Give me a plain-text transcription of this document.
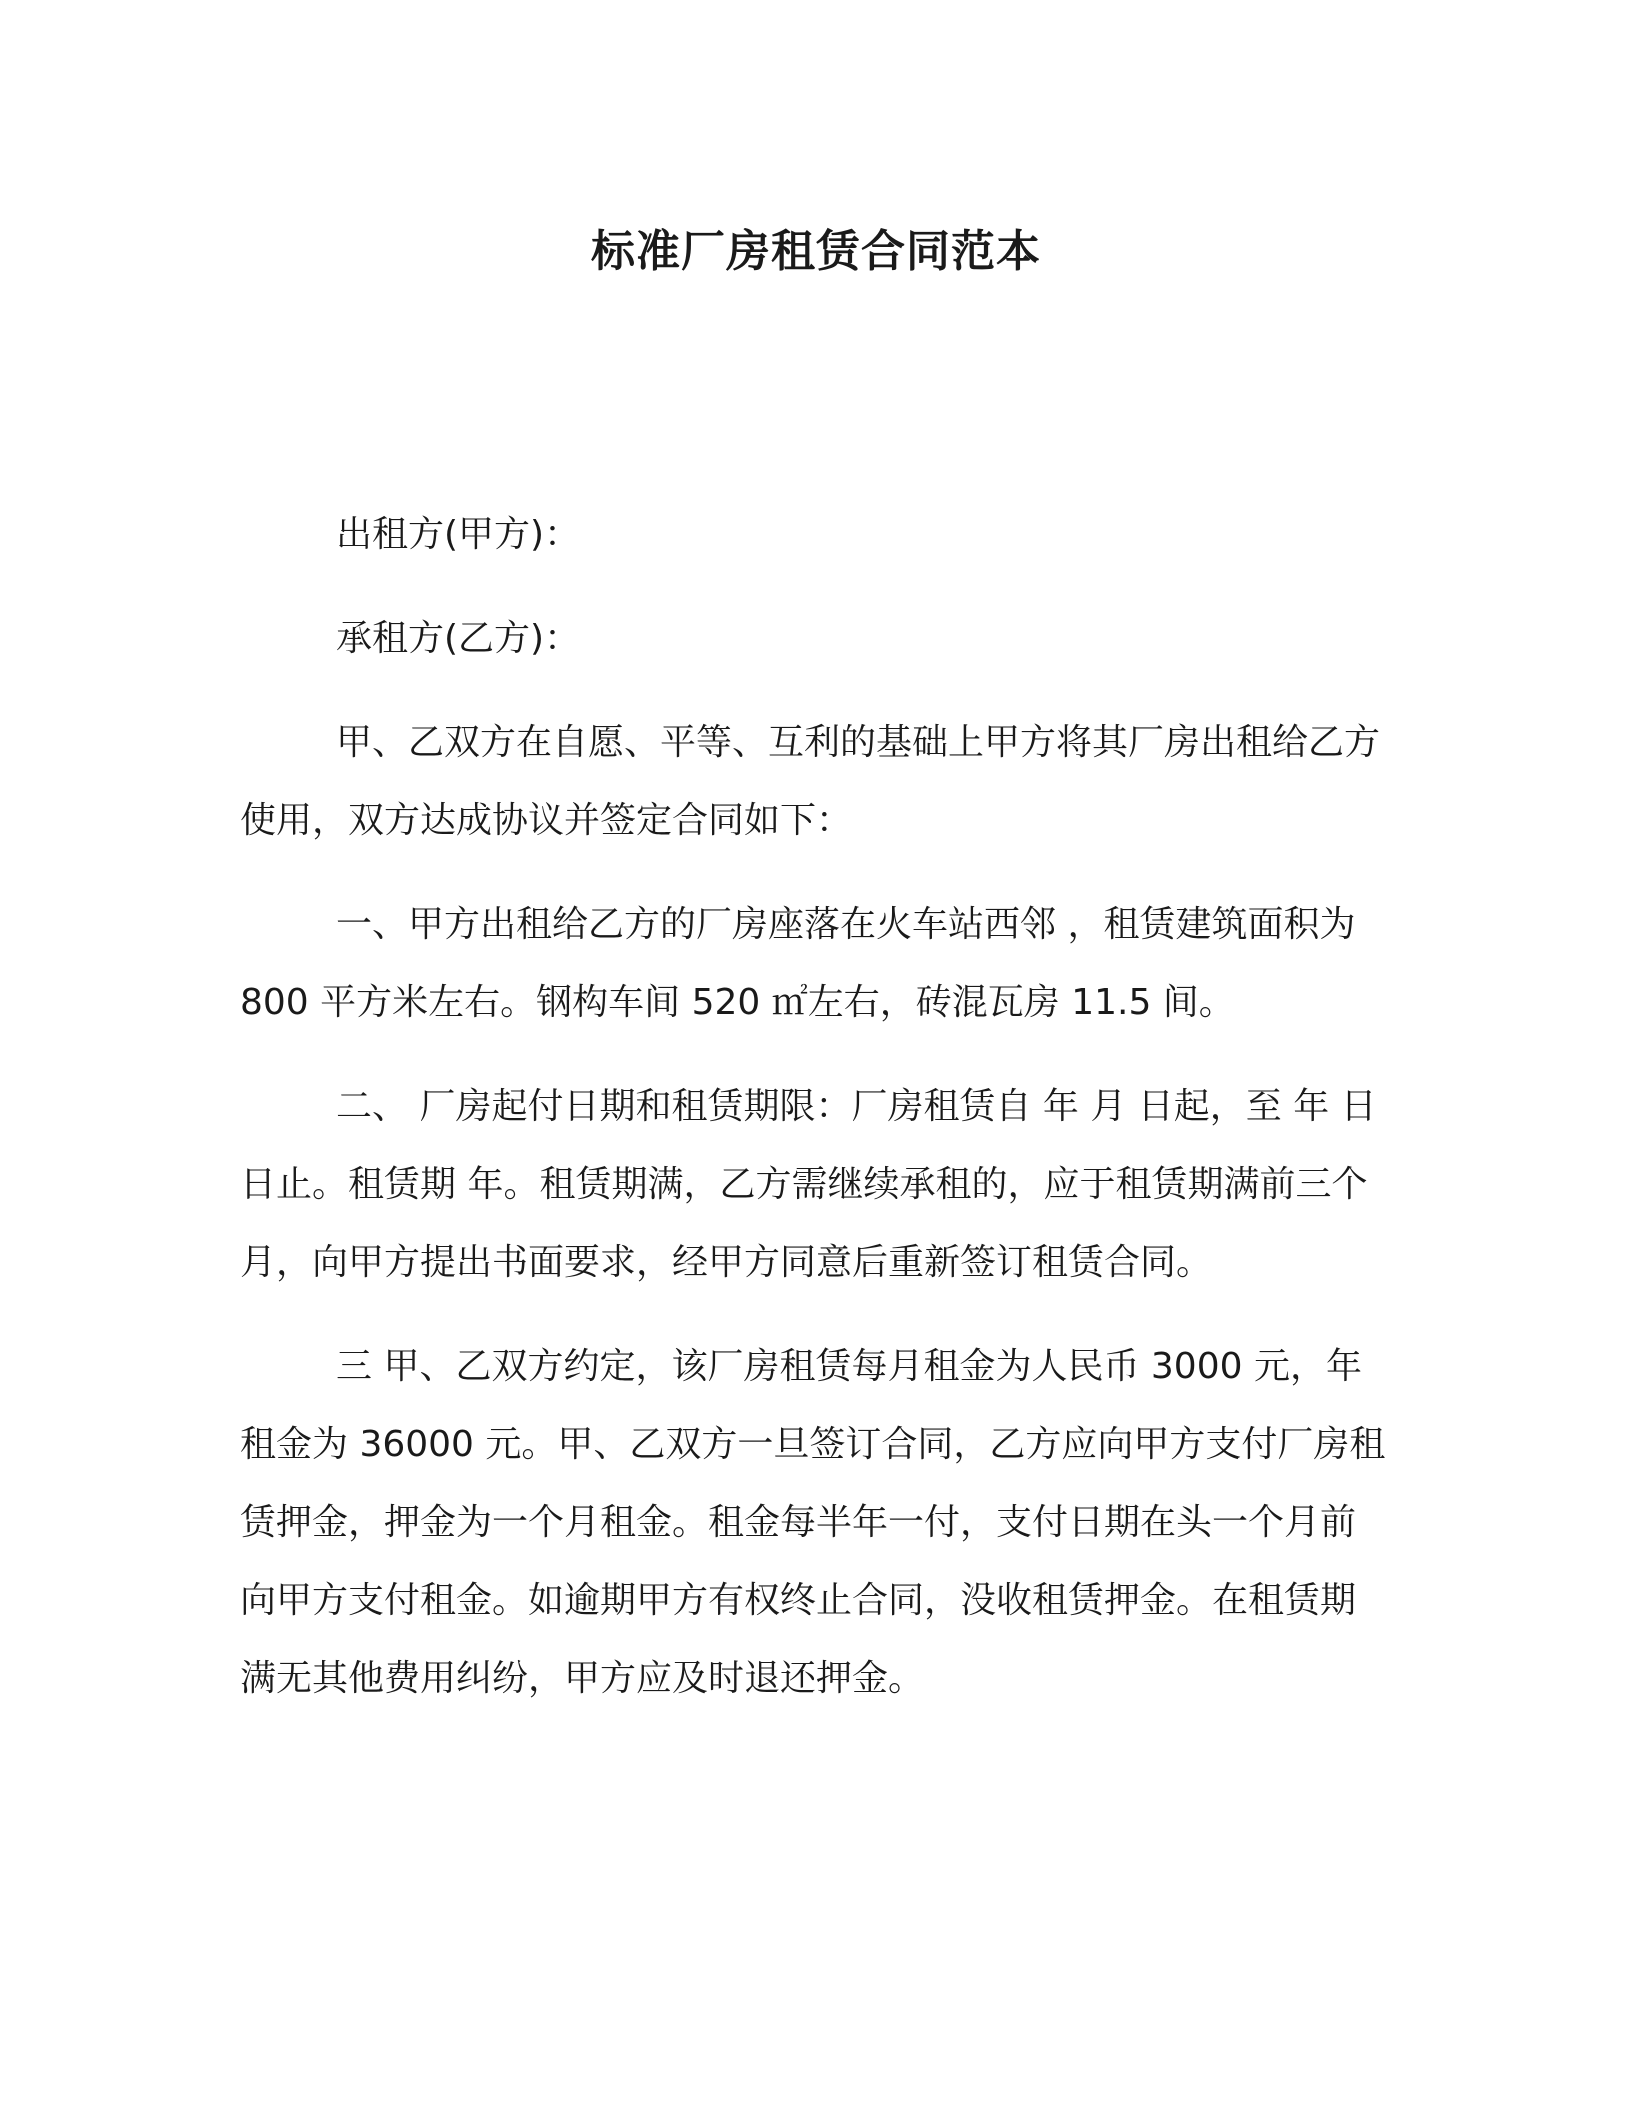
标准厂房租赁合同范本

出租方(甲方)：

承租方(乙方)：

甲、乙双方在自愿、平等、互利的基础上甲方将其厂房出租给乙方使用，双方达成协议并签定合同如下：

一、甲方出租给乙方的厂房座落在火车站西邻 ，租赁建筑面积为 800 平方米左右。钢构车间 520 ㎡左右，砖混瓦房 11.5 间。

二、 厂房起付日期和租赁期限：厂房租赁自 年 月 日起，至 年 日 日止。租赁期 年。租赁期满，乙方需继续承租的，应于租赁期满前三个月，向甲方提出书面要求，经甲方同意后重新签订租赁合同。

三 甲、乙双方约定，该厂房租赁每月租金为人民币 3000 元，年租金为 36000 元。甲、乙双方一旦签订合同，乙方应向甲方支付厂房租赁押金，押金为一个月租金。租金每半年一付，支付日期在头一个月前向甲方支付租金。如逾期甲方有权终止合同，没收租赁押金。在租赁期满无其他费用纠纷，甲方应及时退还押金。
